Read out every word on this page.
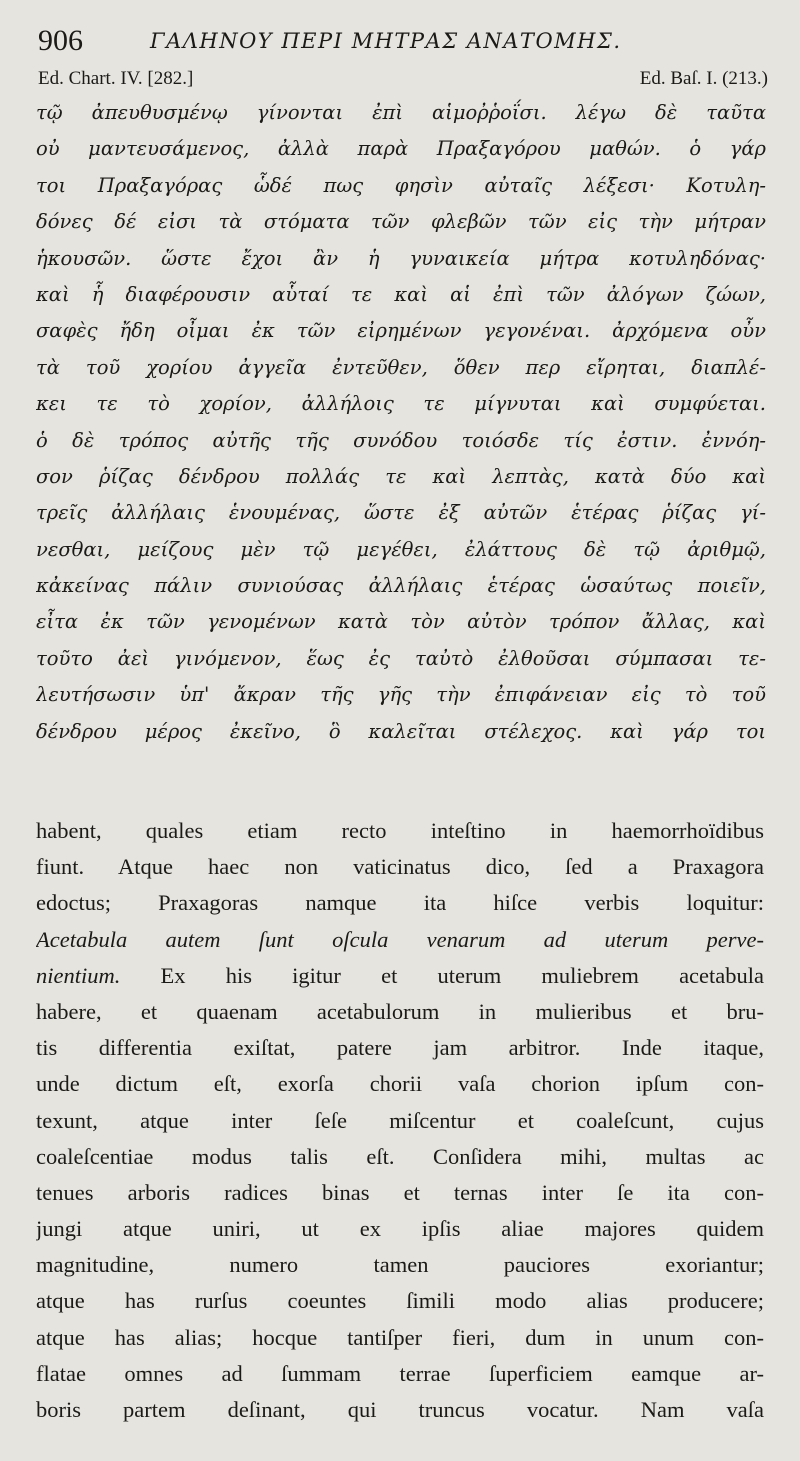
906	ΓΑΛΗΝΟΥ ΠΕΡΙ ΜΗΤΡΑΣ ΑΝΑΤΟΜΗΣ.
Ed. Chart. IV. [282.]	Ed. Baſ. I. (213.)
τῷ ἀπευθυσμένῳ γίνονται ἐπὶ αἱμοῤῥοΐσι. λέγω δὲ ταῦτα
οὐ μαντευσάμενος, ἀλλὰ παρὰ Πραξαγόρου μαθών. ὁ γάρ
τοι Πραξαγόρας ὧδέ πως φησὶν αὐταῖς λέξεσι· Κοτυλη-
δόνες δέ εἰσι τὰ στόματα τῶν φλεβῶν τῶν εἰς τὴν μήτραν
ἡκουσῶν. ὥστε ἔχοι ἂν ἡ γυναικεία μήτρα κοτυληδόνας·
καὶ ἧ διαφέρουσιν αὗταί τε καὶ αἱ ἐπὶ τῶν ἀλόγων ζώων,
σαφὲς ἤδη οἶμαι ἐκ τῶν εἰρημένων γεγονέναι. ἀρχόμενα οὖν
τὰ τοῦ χορίου ἀγγεῖα ἐντεῦθεν, ὅθεν περ εἴρηται, διαπλέ-
κει τε τὸ χορίον, ἀλλήλοις τε μίγνυται καὶ συμφύεται.
ὁ δὲ τρόπος αὐτῆς τῆς συνόδου τοιόσδε τίς ἐστιν. ἐννόη-
σον ῥίζας δένδρου πολλάς τε καὶ λεπτὰς, κατὰ δύο καὶ
τρεῖς ἀλλήλαις ἑνουμένας, ὥστε ἐξ αὐτῶν ἑτέρας ῥίζας γί-
νεσθαι, μείζους μὲν τῷ μεγέθει, ἐλάττους δὲ τῷ ἀριθμῷ,
κἀκείνας πάλιν συνιούσας ἀλλήλαις ἑτέρας ὡσαύτως ποιεῖν,
εἶτα ἐκ τῶν γενομένων κατὰ τὸν αὐτὸν τρόπον ἄλλας, καὶ
τοῦτο ἀεὶ γινόμενον, ἕως ἐς ταὐτὸ ἐλθοῦσαι σύμπασαι τε-
λευτήσωσιν ὑπ' ἄκραν τῆς γῆς τὴν ἐπιφάνειαν εἰς τὸ τοῦ
δένδρου μέρος ἐκεῖνο, ὃ καλεῖται στέλεχος. καὶ γάρ τοι
habent, quales etiam recto inteſtino in haemorrhoïdibus
fiunt. Atque haec non vaticinatus dico, ſed a Praxagora
edoctus; Praxagoras namque ita hiſce verbis loquitur:
Acetabula autem ſunt oſcula venarum ad uterum perve-
nientium. Ex his igitur et uterum muliebrem acetabula
habere, et quaenam acetabulorum in mulieribus et bru-
tis differentia exiſtat, patere jam arbitror. Inde itaque,
unde dictum eſt, exorſa chorii vaſa chorion ipſum con-
texunt, atque inter ſeſe miſcentur et coaleſcunt, cujus
coaleſcentiae modus talis eſt. Conſidera mihi, multas ac
tenues arboris radices binas et ternas inter ſe ita con-
jungi atque uniri, ut ex ipſis aliae majores quidem
magnitudine, numero tamen pauciores exoriantur;
atque has rurſus coeuntes ſimili modo alias producere;
atque has alias; hocque tantiſper fieri, dum in unum con-
flatae omnes ad ſummam terrae ſuperficiem eamque ar-
boris partem deſinant, qui truncus vocatur. Nam vaſa
